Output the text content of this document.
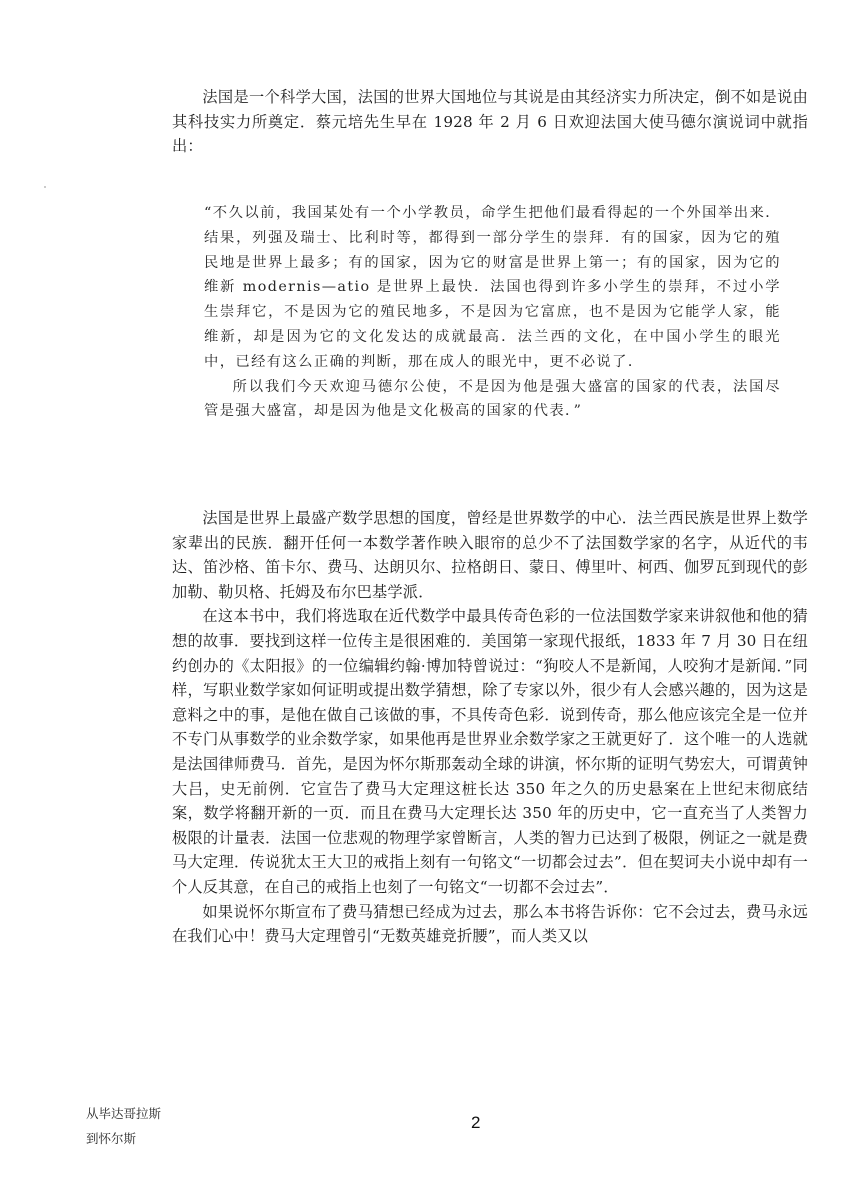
法国是一个科学大国，法国的世界大国地位与其说是由其经济实力所决定，倒不如是说由其科技实力所奠定．蔡元培先生早在 1928 年 2 月 6 日欢迎法国大使马德尔演说词中就指出：

“不久以前，我国某处有一个小学教员，命学生把他们最看得起的一个外国举出来．结果，列强及瑞士、比利时等，都得到一部分学生的崇拜．有的国家，因为它的殖民地是世界上最多；有的国家，因为它的财富是世界上第一；有的国家，因为它的维新 modernis—atio 是世界上最快．法国也得到许多小学生的崇拜，不过小学生崇拜它，不是因为它的殖民地多，不是因为它富庶，也不是因为它能学人家，能维新，却是因为它的文化发达的成就最高．法兰西的文化，在中国小学生的眼光中，已经有这么正确的判断，那在成人的眼光中，更不必说了．

所以我们今天欢迎马德尔公使，不是因为他是强大盛富的国家的代表，法国尽管是强大盛富，却是因为他是文化极高的国家的代表．”

法国是世界上最盛产数学思想的国度，曾经是世界数学的中心．法兰西民族是世界上数学家辈出的民族．翻开任何一本数学著作映入眼帘的总少不了法国数学家的名字，从近代的韦达、笛沙格、笛卡尔、费马、达朗贝尔、拉格朗日、蒙日、傅里叶、柯西、伽罗瓦到现代的彭加勒、勒贝格、托姆及布尔巴基学派．

在这本书中，我们将选取在近代数学中最具传奇色彩的一位法国数学家来讲叙他和他的猜想的故事．要找到这样一位传主是很困难的．美国第一家现代报纸，1833 年 7 月 30 日在纽约创办的《太阳报》的一位编辑约翰·博加特曾说过：“狗咬人不是新闻，人咬狗才是新闻．”同样，写职业数学家如何证明或提出数学猜想，除了专家以外，很少有人会感兴趣的，因为这是意料之中的事，是他在做自己该做的事，不具传奇色彩．说到传奇，那么他应该完全是一位并不专门从事数学的业余数学家，如果他再是世界业余数学家之王就更好了．这个唯一的人选就是法国律师费马．首先，是因为怀尔斯那轰动全球的讲演，怀尔斯的证明气势宏大，可谓黄钟大吕，史无前例．它宣告了费马大定理这桩长达 350 年之久的历史悬案在上世纪末彻底结案，数学将翻开新的一页．而且在费马大定理长达 350 年的历史中，它一直充当了人类智力极限的计量表．法国一位悲观的物理学家曾断言，人类的智力已达到了极限，例证之一就是费马大定理．传说犹太王大卫的戒指上刻有一句铭文“一切都会过去”．但在契诃夫小说中却有一个人反其意，在自己的戒指上也刻了一句铭文“一切都不会过去”．

如果说怀尔斯宣布了费马猜想已经成为过去，那么本书将告诉你：它不会过去，费马永远在我们心中！费马大定理曾引“无数英雄竞折腰”，而人类又以

从毕达哥拉斯
到怀尔斯
2
